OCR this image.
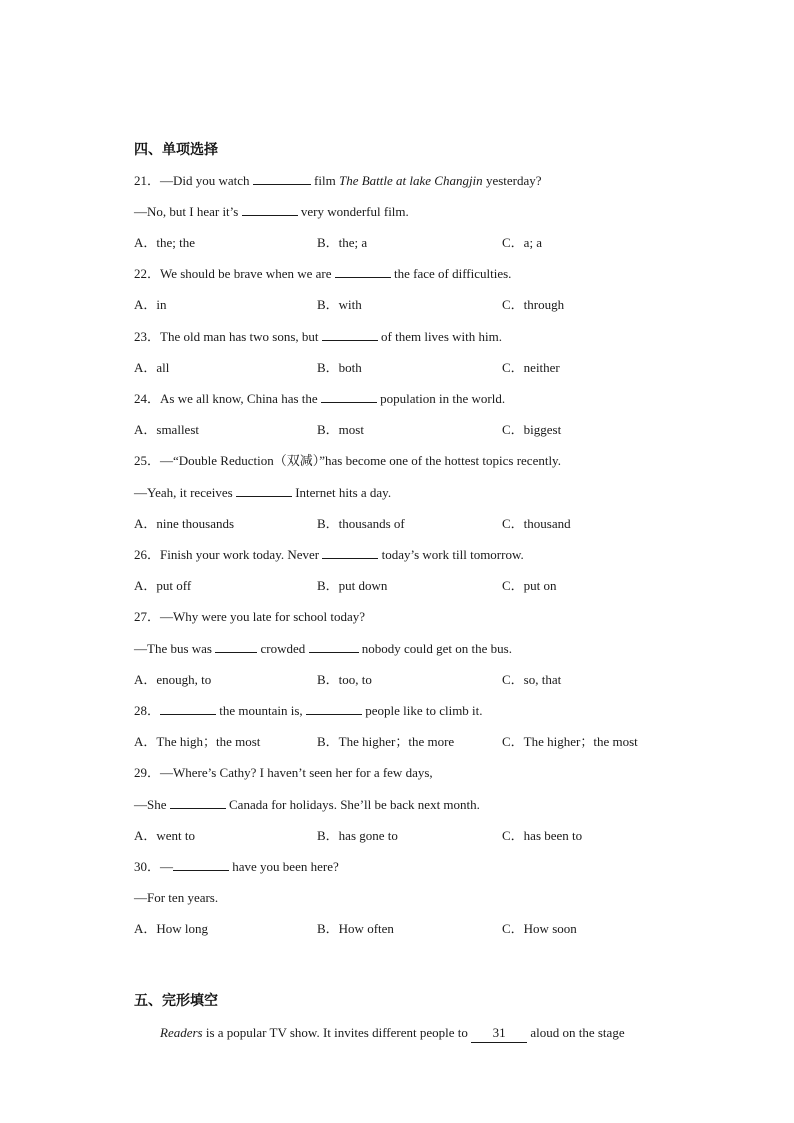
四、单项选择
21．—Did you watch	film The Battle at lake Changjin yesterday?
—No, but I hear it’s	very wonderful film.
A．the; the	B．the; a	C．a; a
22．We should be brave when we are	the face of difficulties.
A．in	B．with	C．through
23．The old man has two sons, but	of them lives with him.
A．all	B．both	C．neither
24．As we all know, China has the	population in the world.
A．smallest	B．most	C．biggest
25．—“Double Reduction（双减）”has become one of the hottest topics recently.
—Yeah, it receives	Internet hits a day.
A．nine thousands	B．thousands of	C．thousand
26．Finish your work today. Never	today’s work till tomorrow.
A．put off	B．put down	C．put on
27．—Why were you late for school today?
—The bus was	crowded	nobody could get on the bus.
A．enough, to	B．too, to	C．so, that
28．	the mountain is,	people like to climb it.
A．The high；the most	B．The higher；the more	C．The higher；the most
29．—Where’s Cathy? I haven’t seen her for a few days,
—She	Canada for holidays. She’ll be back next month.
A．went to	B．has gone to	C．has been to
30．—	have you been here?
—For ten years.
A．How long	B．How often	C．How soon
五、完形填空
Readers is a popular TV show. It invites different people to 31 aloud on the stage
